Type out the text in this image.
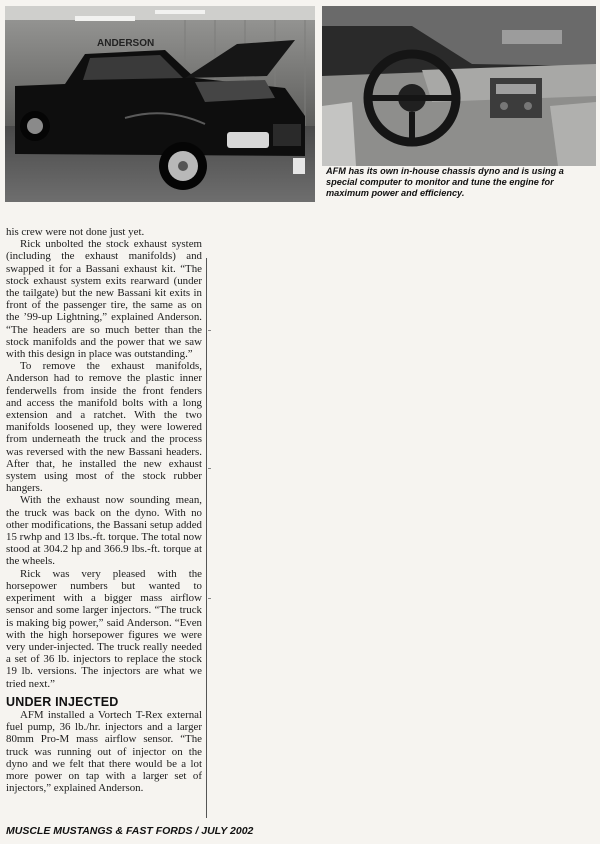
ANDERSON
AFM has its own in-house chassis dyno and is using a special computer to monitor and tune the engine for maximum power and efficiency.

his crew were not done just yet.

Rick unbolted the stock exhaust system (including the exhaust manifolds) and swapped it for a Bassani exhaust kit. “The stock exhaust system exits rearward (under the tailgate) but the new Bassani kit exits in front of the passenger tire, the same as on the ’99-up Lightning,” explained Anderson. “The headers are so much better than the stock manifolds and the power that we saw with this design in place was outstanding.”

To remove the exhaust manifolds, Anderson had to remove the plastic inner fenderwells from inside the front fenders and access the manifold bolts with a long extension and a ratchet. With the two manifolds loosened up, they were lowered from underneath the truck and the process was reversed with the new Bassani headers. After that, he installed the new exhaust system using most of the stock rubber hangers.

With the exhaust now sounding mean, the truck was back on the dyno. With no other modifications, the Bassani setup added 15 rwhp and 13 lbs.-ft. torque. The total now stood at 304.2 hp and 366.9 lbs.-ft. torque at the wheels.

Rick was very pleased with the horsepower numbers but wanted to experiment with a bigger mass airflow sensor and some larger injectors. “The truck is making big power,” said Anderson. “Even with the high horsepower figures we were very under-injected. The truck really needed a set of 36 lb. injectors to replace the stock 19 lb. versions. The injectors are what we tried next.”

UNDER INJECTED

AFM installed a Vortech T-Rex external fuel pump, 36 lb./hr. injectors and a larger 80mm Pro-M mass airflow sensor. “The truck was running out of injector on the dyno and we felt that there would be a lot more power on tap with a larger set of injectors,” explained Anderson.

MUSCLE MUSTANGS & FAST FORDS / JULY 2002
